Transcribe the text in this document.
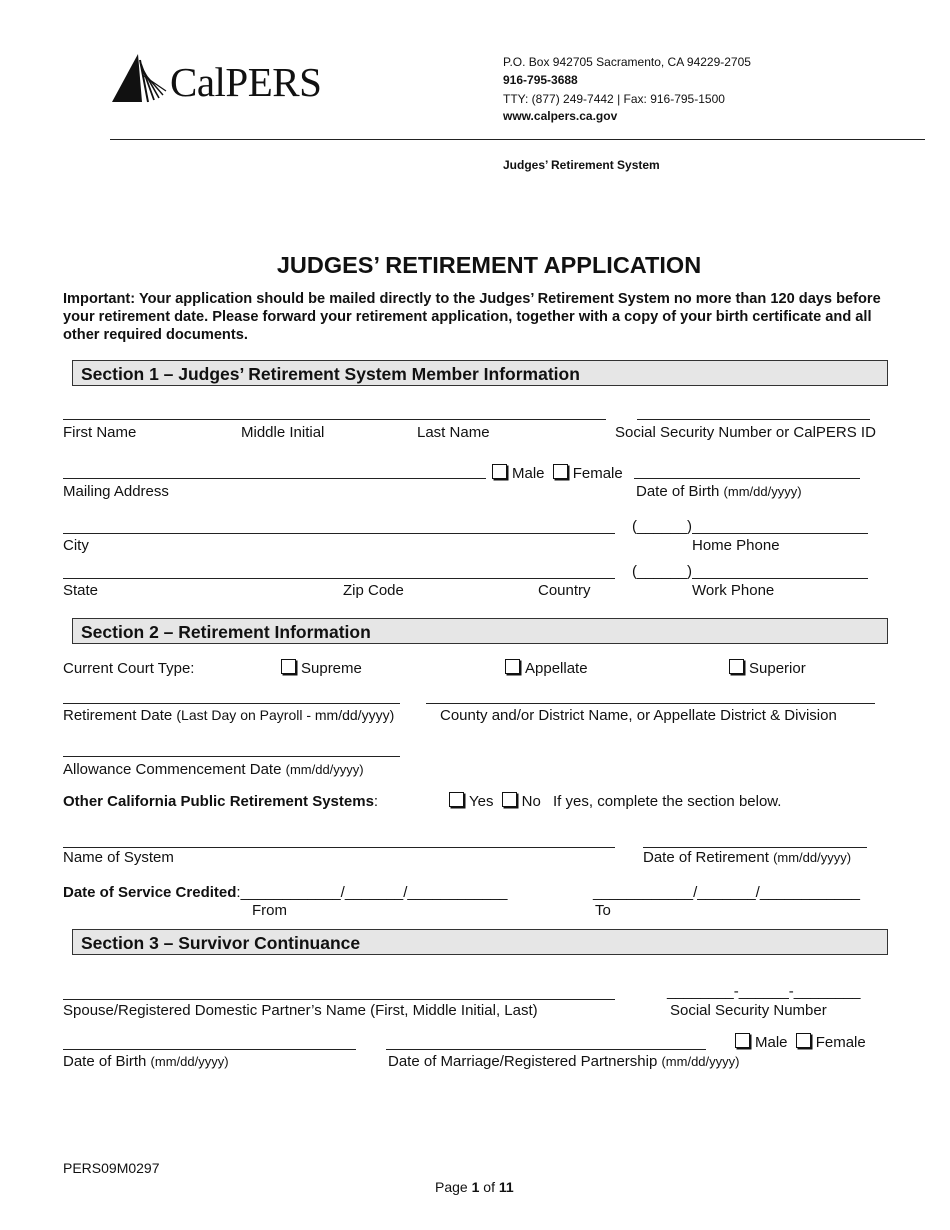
CalPERS	P.O. Box 942705 Sacramento, CA 94229-2705
916-795-3688
TTY: (877) 249-7442 | Fax: 916-795-1500
www.calpers.ca.gov
Judges’ Retirement System
JUDGES’ RETIREMENT APPLICATION
Important: Your application should be mailed directly to the Judges’ Retirement System no more than 120 days before your retirement date. Please forward your retirement application, together with a copy of your birth certificate and all other required documents.
Section 1 – Judges’ Retirement System Member Information
First Name	Middle Initial	Last Name	Social Security Number or CalPERS ID
Male Female
Mailing Address	Date of Birth (mm/dd/yyyy)
(______)
City	Home Phone
(______)
State	Zip Code	Country	Work Phone
Section 2 – Retirement Information
Current Court Type:	Supreme	Appellate	Superior
Retirement Date (Last Day on Payroll - mm/dd/yyyy)	County and/or District Name, or Appellate District & Division
Allowance Commencement Date (mm/dd/yyyy)
Other California Public Retirement Systems:	Yes No If yes, complete the section below.
Name of System	Date of Retirement (mm/dd/yyyy)
Date of Service Credited:____________/_______/____________	____________/_______/____________
From	To
Section 3 – Survivor Continuance
________-______-________
Spouse/Registered Domestic Partner’s Name (First, Middle Initial, Last)	Social Security Number
Male Female
Date of Birth (mm/dd/yyyy)	Date of Marriage/Registered Partnership (mm/dd/yyyy)
PERS09M0297
Page 1 of 11
